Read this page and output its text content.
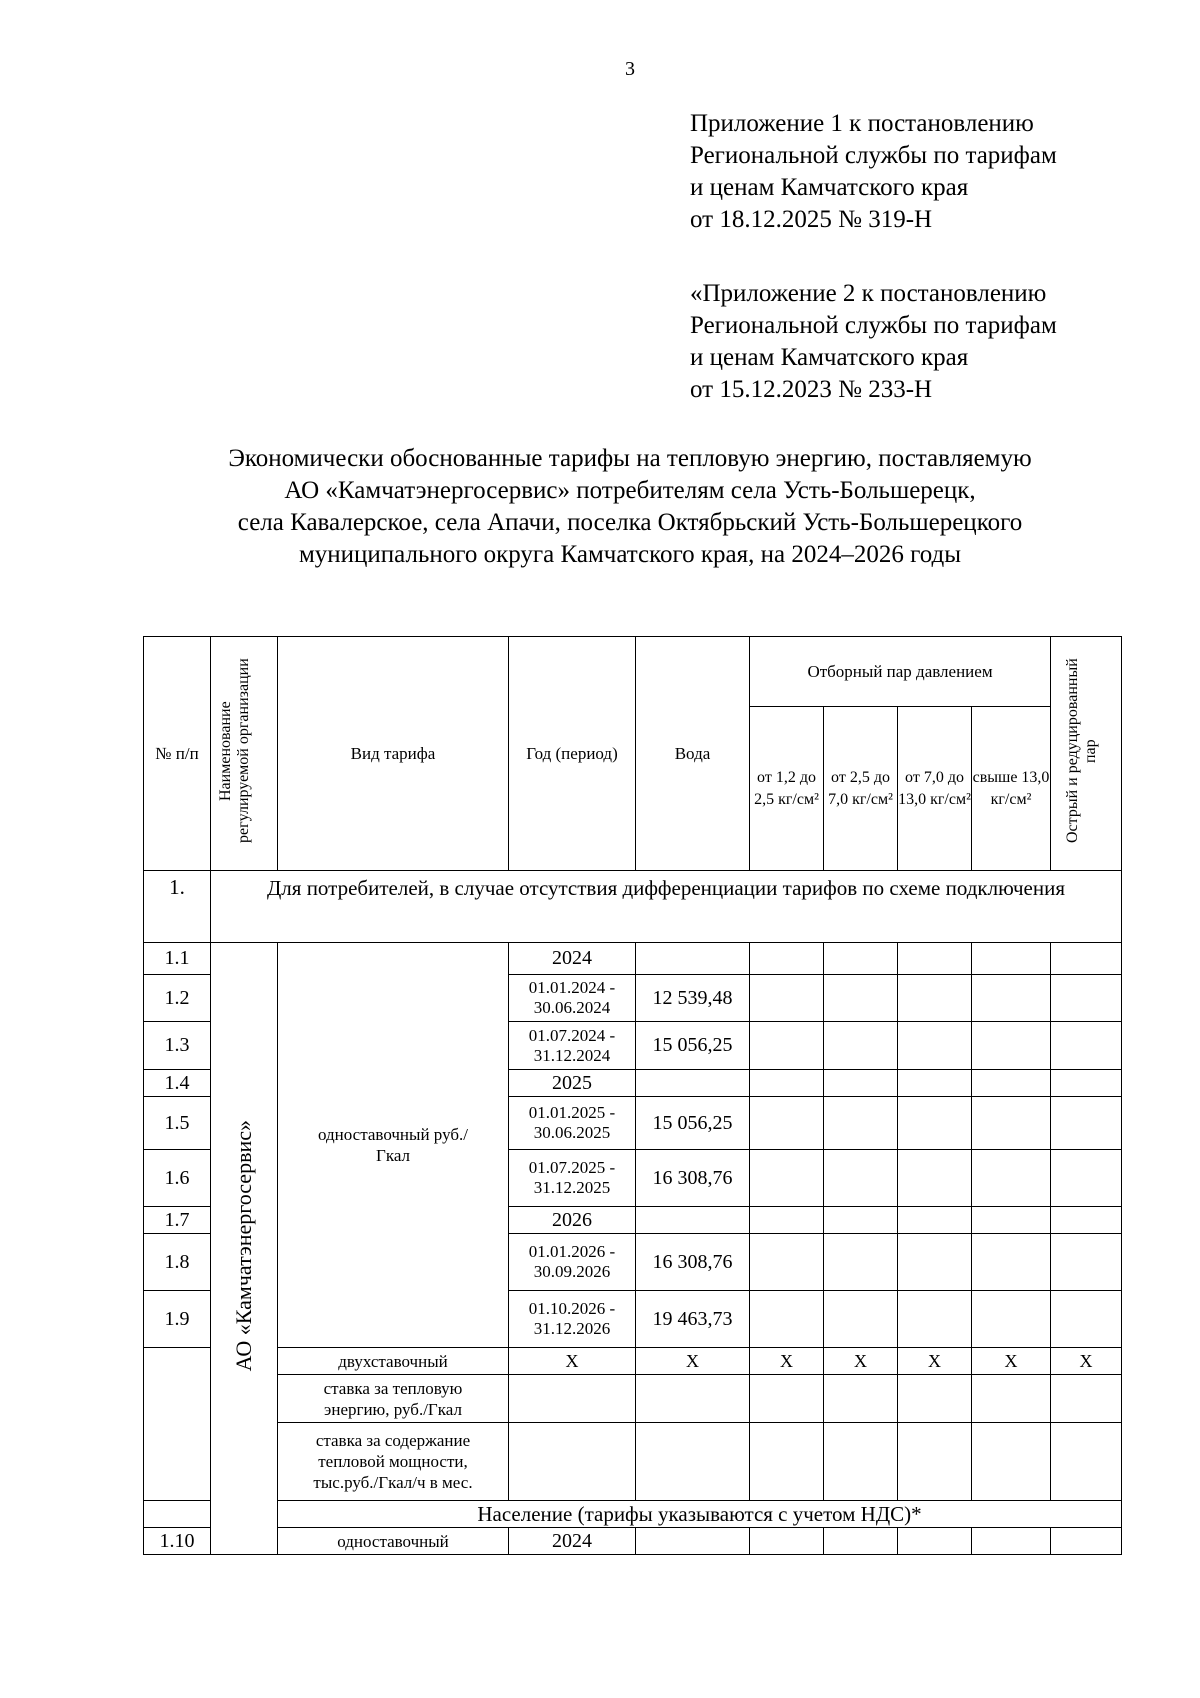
3
Приложение 1 к постановлению
Региональной службы по тарифам
и ценам Камчатского края
от 18.12.2025 № 319-Н
«Приложение 2 к постановлению
Региональной службы по тарифам
и ценам Камчатского края
от 15.12.2023 № 233-Н
Экономически обоснованные тарифы на тепловую энергию, поставляемую
АО «Камчатэнергосервис» потребителям села Усть-Большерецк,
села Кавалерское, села Апачи, поселка Октябрьский Усть-Большерецкого
муниципального округа Камчатского края, на 2024–2026 годы
№ п/п	Наименование регулируемой организации	Вид тарифа	Год (период)	Вода	Отборный пар давлением				Острый и редуцированный пар
					от 1,2 до 2,5 кг/см²	от 2,5 до 7,0 кг/см²	от 7,0 до 13,0 кг/см²	свыше 13,0 кг/см²	
1.	Для потребителей, в случае отсутствия дифференциации тарифов по схеме подключения								
1.1	АО «Камчатэнергосервис»	одноставочный руб./Гкал	2024						
1.2			01.01.2024 - 30.06.2024	12 539,48					
1.3			01.07.2024 - 31.12.2024	15 056,25					
1.4			2025						
1.5			01.01.2025 - 30.06.2025	15 056,25					
1.6			01.07.2025 - 31.12.2025	16 308,76					
1.7			2026						
1.8			01.01.2026 - 30.09.2026	16 308,76					
1.9			01.10.2026 - 31.12.2026	19 463,73					
		двухставочный	X	X	X	X	X	X	X
		ставка за тепловую энергию, руб./Гкал							
		ставка за содержание тепловой мощности, тыс.руб./Гкал/ч в мес.							
		Население (тарифы указываются с учетом НДС)*							
1.10		одноставочный	2024						
